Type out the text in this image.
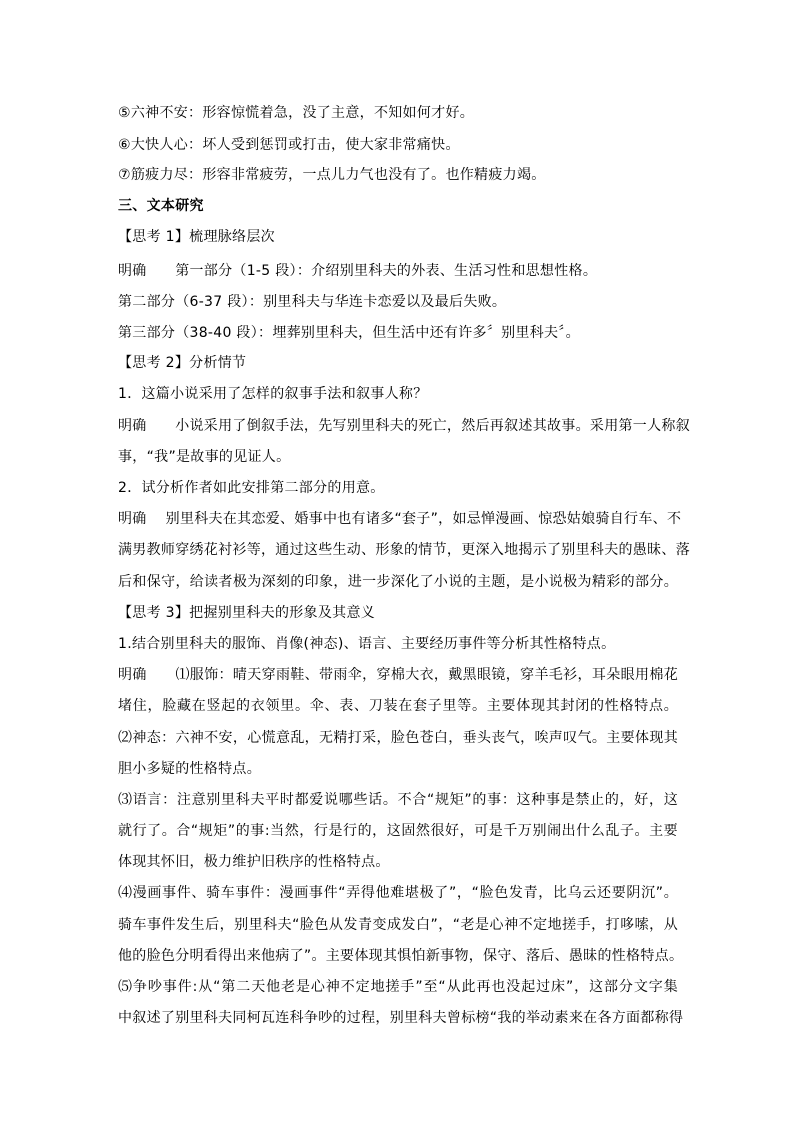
⑤六神不安：形容惊慌着急，没了主意，不知如何才好。
⑥大快人心：坏人受到惩罚或打击，使大家非常痛快。
⑦筋疲力尽：形容非常疲劳，一点儿力气也没有了。也作精疲力竭。
三、文本研究
【思考 1】梳理脉络层次
明确　　第一部分（1-5 段）：介绍别里科夫的外表、生活习性和思想性格。
第二部分（6-37 段）：别里科夫与华连卡恋爱以及最后失败。
第三部分（38-40 段）：埋葬别里科夫，但生活中还有许多〞别里科夫〞。
【思考 2】分析情节
1．这篇小说采用了怎样的叙事手法和叙事人称？
明确　　小说采用了倒叙手法，先写别里科夫的死亡，然后再叙述其故事。采用第一人称叙
事，“我”是故事的见证人。
2．试分析作者如此安排第二部分的用意。
明确　 别里科夫在其恋爱、婚事中也有诸多“套子”，如忌惮漫画、惊恐姑娘骑自行车、不
满男教师穿绣花衬衫等，通过这些生动、形象的情节，更深入地揭示了别里科夫的愚昧、落
后和保守，给读者极为深刻的印象，进一步深化了小说的主题，是小说极为精彩的部分。
【思考 3】把握别里科夫的形象及其意义
1.结合别里科夫的服饰、肖像(神态)、语言、主要经历事件等分析其性格特点。
明确　　⑴服饰：晴天穿雨鞋、带雨伞，穿棉大衣，戴黑眼镜，穿羊毛衫，耳朵眼用棉花
堵住，脸藏在竖起的衣领里。伞、表、刀装在套子里等。主要体现其封闭的性格特点。
⑵神态：六神不安，心慌意乱，无精打采，脸色苍白，垂头丧气，唉声叹气。主要体现其
胆小多疑的性格特点。
⑶语言：注意别里科夫平时都爱说哪些话。不合“规矩”的事：这种事是禁止的，好，这
就行了。合“规矩”的事:当然，行是行的，这固然很好，可是千万别闹出什么乱子。主要
体现其怀旧，极力维护旧秩序的性格特点。
⑷漫画事件、骑车事件：漫画事件“弄得他难堪极了”，“脸色发青，比乌云还要阴沉”。
骑车事件发生后，别里科夫“脸色从发青变成发白”，“老是心神不定地搓手，打哆嗦，从
他的脸色分明看得出来他病了”。主要体现其惧怕新事物，保守、落后、愚昧的性格特点。
⑸争吵事件:从“第二天他老是心神不定地搓手”至“从此再也没起过床”，这部分文字集
中叙述了别里科夫同柯瓦连科争吵的过程，别里科夫曾标榜“我的举动素来在各方面都称得
